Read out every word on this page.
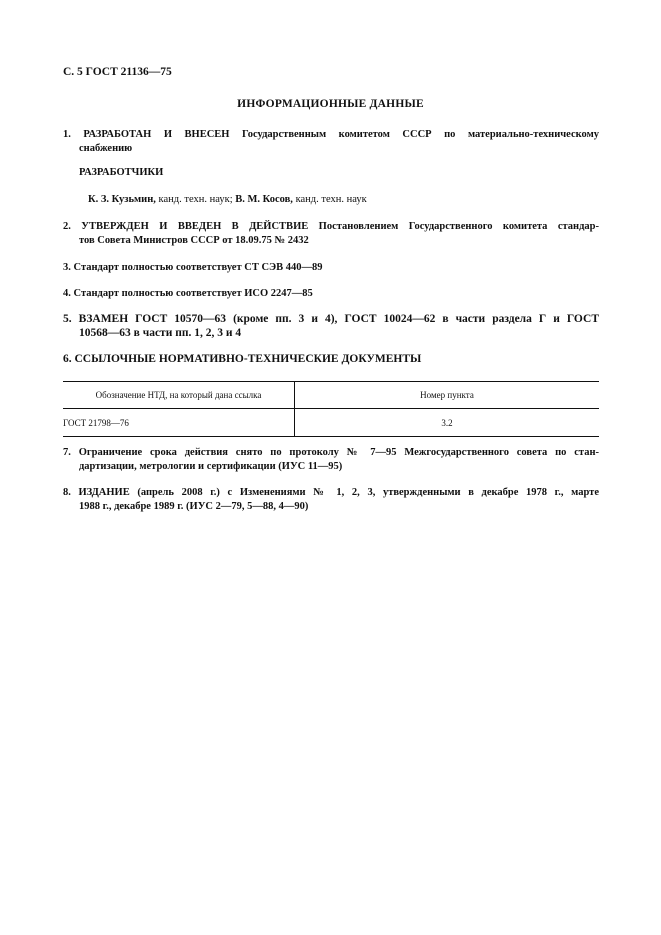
С. 5 ГОСТ 21136—75
ИНФОРМАЦИОННЫЕ ДАННЫЕ
1. РАЗРАБОТАН И ВНЕСЕН Государственным комитетом СССР по материально-техническому
снабжению
РАЗРАБОТЧИКИ
К. З. Кузьмин, канд. техн. наук; В. М. Косов, канд. техн. наук
2. УТВЕРЖДЕН И ВВЕДЕН В ДЕЙСТВИЕ Постановлением Государственного комитета стандар-
тов Совета Министров СССР от 18.09.75 № 2432
3. Стандарт полностью соответствует СТ СЭВ 440—89
4. Стандарт полностью соответствует ИСО 2247—85
5. ВЗАМЕН ГОСТ 10570—63 (кроме пп. 3 и 4), ГОСТ 10024—62 в части раздела Г и ГОСТ
10568—63 в части пп. 1, 2, 3 и 4
6. ССЫЛОЧНЫЕ НОРМАТИВНО-ТЕХНИЧЕСКИЕ ДОКУМЕНТЫ
Обозначение НТД, на который дана ссылка	Номер пункта
ГОСТ 21798—76	3.2
7. Ограничение срока действия снято по протоколу № 7—95 Межгосударственного совета по стан-
дартизации, метрологии и сертификации (ИУС 11—95)
8. ИЗДАНИЕ (апрель 2008 г.) с Изменениями № 1, 2, 3, утвержденными в декабре 1978 г., марте
1988 г., декабре 1989 г. (ИУС 2—79, 5—88, 4—90)
